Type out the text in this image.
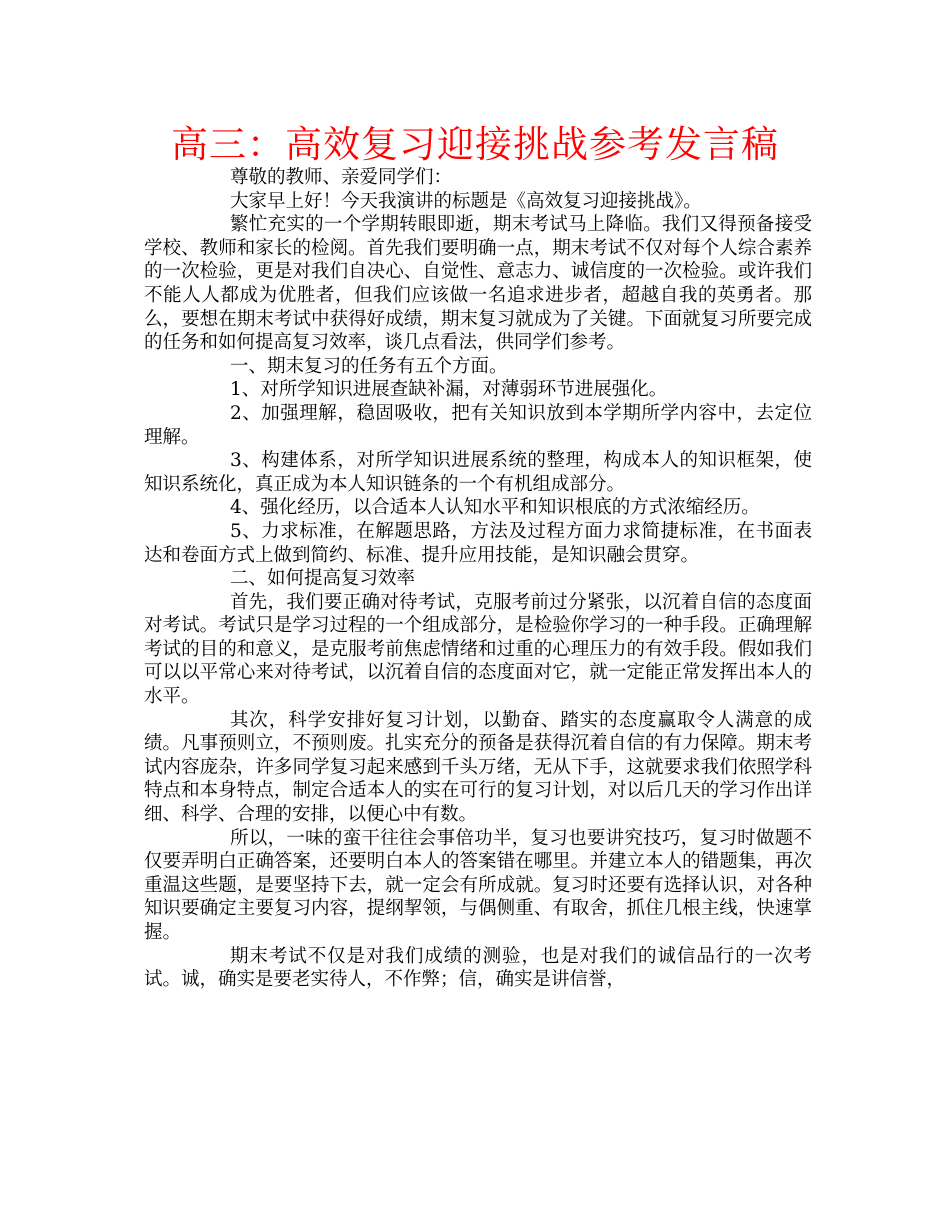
高三：高效复习迎接挑战参考发言稿

尊敬的教师、亲爱同学们：

大家早上好！今天我演讲的标题是《高效复习迎接挑战》。

繁忙充实的一个学期转眼即逝，期末考试马上降临。我们又得预备接受学校、教师和家长的检阅。首先我们要明确一点，期末考试不仅对每个人综合素养的一次检验，更是对我们自决心、自觉性、意志力、诚信度的一次检验。或许我们不能人人都成为优胜者，但我们应该做一名追求进步者，超越自我的英勇者。那么，要想在期末考试中获得好成绩，期末复习就成为了关键。下面就复习所要完成的任务和如何提高复习效率，谈几点看法，供同学们参考。

一、期末复习的任务有五个方面。

1、对所学知识进展查缺补漏，对薄弱环节进展强化。

2、加强理解，稳固吸收，把有关知识放到本学期所学内容中，去定位理解。

3、构建体系，对所学知识进展系统的整理，构成本人的知识框架，使知识系统化，真正成为本人知识链条的一个有机组成部分。

4、强化经历，以合适本人认知水平和知识根底的方式浓缩经历。

5、力求标准，在解题思路，方法及过程方面力求简捷标准，在书面表达和卷面方式上做到简约、标准、提升应用技能，是知识融会贯穿。

二、如何提高复习效率

首先，我们要正确对待考试，克服考前过分紧张，以沉着自信的态度面对考试。考试只是学习过程的一个组成部分，是检验你学习的一种手段。正确理解考试的目的和意义，是克服考前焦虑情绪和过重的心理压力的有效手段。假如我们可以以平常心来对待考试，以沉着自信的态度面对它，就一定能正常发挥出本人的水平。

其次，科学安排好复习计划，以勤奋、踏实的态度赢取令人满意的成绩。凡事预则立，不预则废。扎实充分的预备是获得沉着自信的有力保障。期末考试内容庞杂，许多同学复习起来感到千头万绪，无从下手，这就要求我们依照学科特点和本身特点，制定合适本人的实在可行的复习计划，对以后几天的学习作出详细、科学、合理的安排，以便心中有数。

所以，一味的蛮干往往会事倍功半，复习也要讲究技巧，复习时做题不仅要弄明白正确答案，还要明白本人的答案错在哪里。并建立本人的错题集，再次重温这些题，是要坚持下去，就一定会有所成就。复习时还要有选择认识，对各种知识要确定主要复习内容，提纲挈领，与偶侧重、有取舍，抓住几根主线，快速掌握。

期末考试不仅是对我们成绩的测验，也是对我们的诚信品行的一次考试。诚，确实是要老实待人，不作弊；信，确实是讲信誉，
